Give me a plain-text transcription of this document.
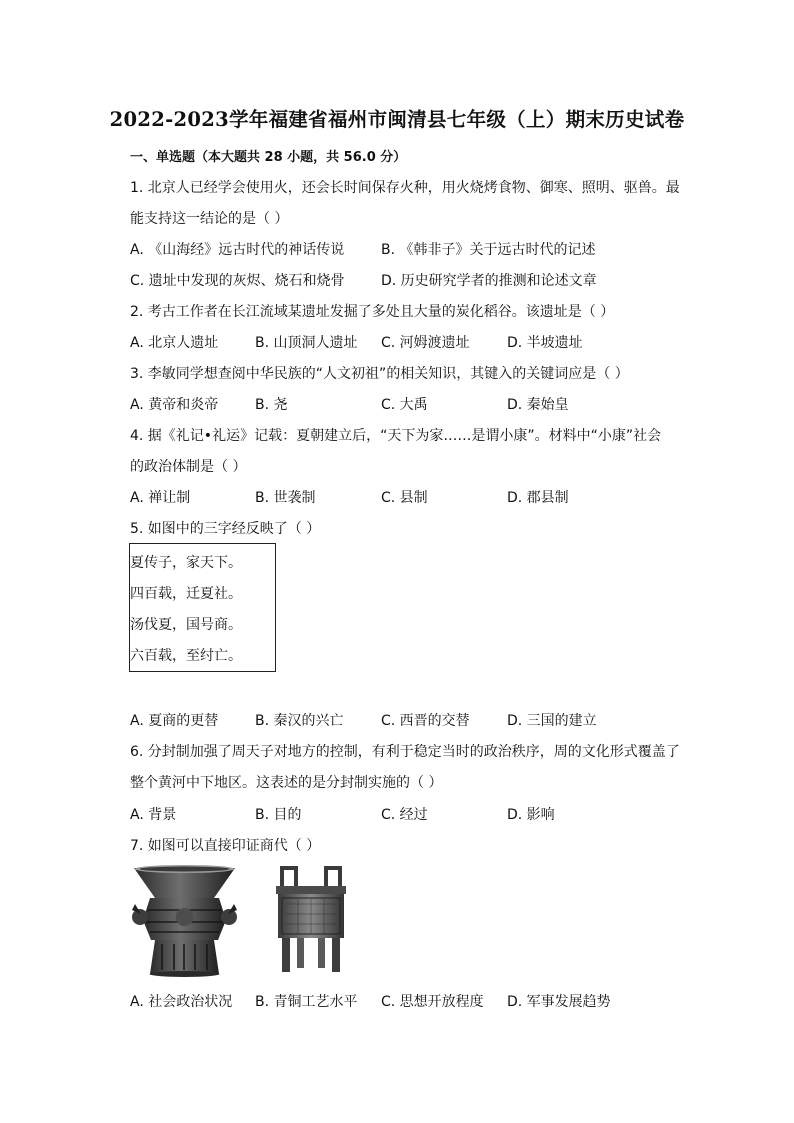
2022-2023学年福建省福州市闽清县七年级（上）期末历史试卷
一、单选题（本大题共 28 小题，共 56.0 分）
1. 北京人已经学会使用火，还会长时间保存火种，用火烧烤食物、御寒、照明、驱兽。最
能支持这一结论的是（ ）
A. 《山海经》远古时代的神话传说	B. 《韩非子》关于远古时代的记述
C. 遗址中发现的灰烬、烧石和烧骨	D. 历史研究学者的推测和论述文章
2. 考古工作者在长江流域某遗址发掘了多处且大量的炭化稻谷。该遗址是（ ）
A. 北京人遗址	B. 山顶洞人遗址 C. 河姆渡遗址	D. 半坡遗址
3. 李敏同学想查阅中华民族的“人文初祖”的相关知识，其键入的关键词应是（ ）
A. 黄帝和炎帝	B. 尧	C. 大禹	D. 秦始皇
4. 据《礼记•礼运》记载：夏朝建立后，“天下为家……是谓小康”。材料中“小康”社会
的政治体制是（ ）
A. 禅让制	B. 世袭制	C. 县制	D. 郡县制
5. 如图中的三字经反映了（ ）
夏传子，家天下。
四百载，迁夏社。
汤伐夏，国号商。
六百载，至纣亡。
A. 夏商的更替	B. 秦汉的兴亡	C. 西晋的交替	D. 三国的建立
6. 分封制加强了周天子对地方的控制，有利于稳定当时的政治秩序，周的文化形式覆盖了
整个黄河中下地区。这表述的是分封制实施的（ ）
A. 背景	B. 目的	C. 经过	D. 影响
7. 如图可以直接印证商代（ ）
A. 社会政治状况 B. 青铜工艺水平 C. 思想开放程度 D. 军事发展趋势
